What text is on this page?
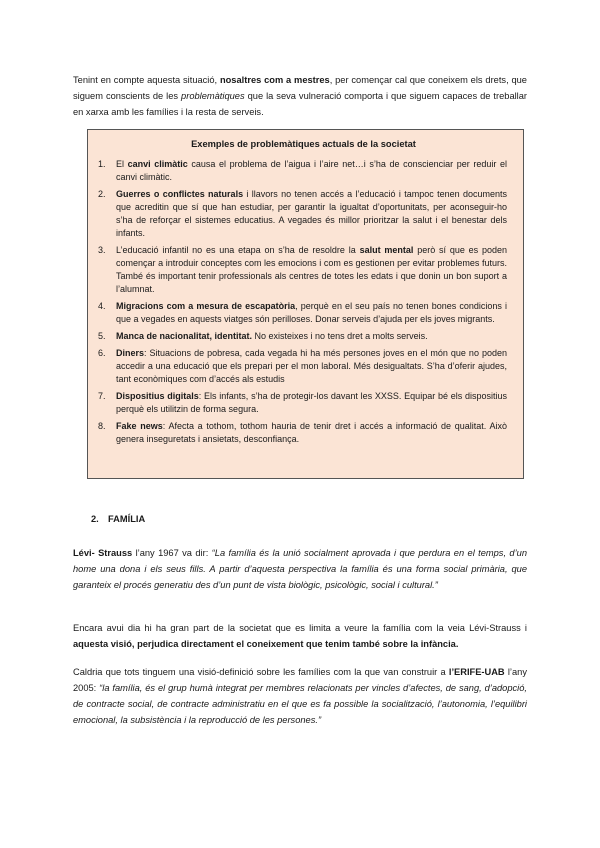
Tenint en compte aquesta situació, nosaltres com a mestres, per començar cal que coneixem els drets, que siguem conscients de les problemàtiques que la seva vulneració comporta i que siguem capaces de treballar en xarxa amb les famílies i la resta de serveis.

Exemples de problemàtiques actuals de la societat

1. El canvi climàtic causa el problema de l’aigua i l’aire net…i s’ha de conscienciar per reduir el canvi climàtic.
2. Guerres o conflictes naturals i llavors no tenen accés a l’educació i tampoc tenen documents que acreditin que sí que han estudiar, per garantir la igualtat d’oportunitats, per aconseguir-ho s’ha de reforçar el sistemes educatius. A vegades és millor prioritzar la salut i el benestar dels infants.
3. L’educació infantil no es una etapa on s’ha de resoldre la salut mental però sí que es poden començar a introduir conceptes com les emocions i com es gestionen per evitar problemes futurs. També és important tenir professionals als centres de totes les edats i que donin un bon suport a l’alumnat.
4. Migracions com a mesura de escapatòria, perquè en el seu país no tenen bones condicions i que a vegades en aquests viatges són perilloses. Donar serveis d’ajuda per els joves migrants.
5. Manca de nacionalitat, identitat. No existeixes i no tens dret a molts serveis.
6. Diners: Situacions de pobresa, cada vegada hi ha més persones joves en el món que no poden accedir a una educació que els prepari per el mon laboral. Més desigualtats. S’ha d’oferir ajudes, tant econòmiques com d’accés als estudis
7. Dispositius digitals: Els infants, s’ha de protegir-los davant les XXSS. Equipar bé els dispositius perquè els utilitzin de forma segura.
8. Fake news: Afecta a tothom, tothom hauria de tenir dret i accés a informació de qualitat. Això genera inseguretats i ansietats, desconfiança.

2. FAMÍLIA

Lévi- Strauss l’any 1967 va dir: “La família és la unió socialment aprovada i que perdura en el temps, d’un home una dona i els seus fills. A partir d’aquesta perspectiva la família és una forma social primària, que garanteix el procés generatiu des d’un punt de vista biològic, psicològic, social i cultural.”

Encara avui dia hi ha gran part de la societat que es limita a veure la família com la veia Lévi-Strauss i aquesta visió, perjudica directament el coneixement que tenim també sobre la infància.

Caldria que tots tinguem una visió-definició sobre les famílies com la que van construir a l’ERIFE-UAB l’any 2005: “la família, és el grup humà integrat per membres relacionats per vincles d’afectes, de sang, d’adopció, de contracte social, de contracte administratiu en el que es fa possible la socialització, l’autonomia, l’equilibri emocional, la subsistència i la reproducció de les persones.”
